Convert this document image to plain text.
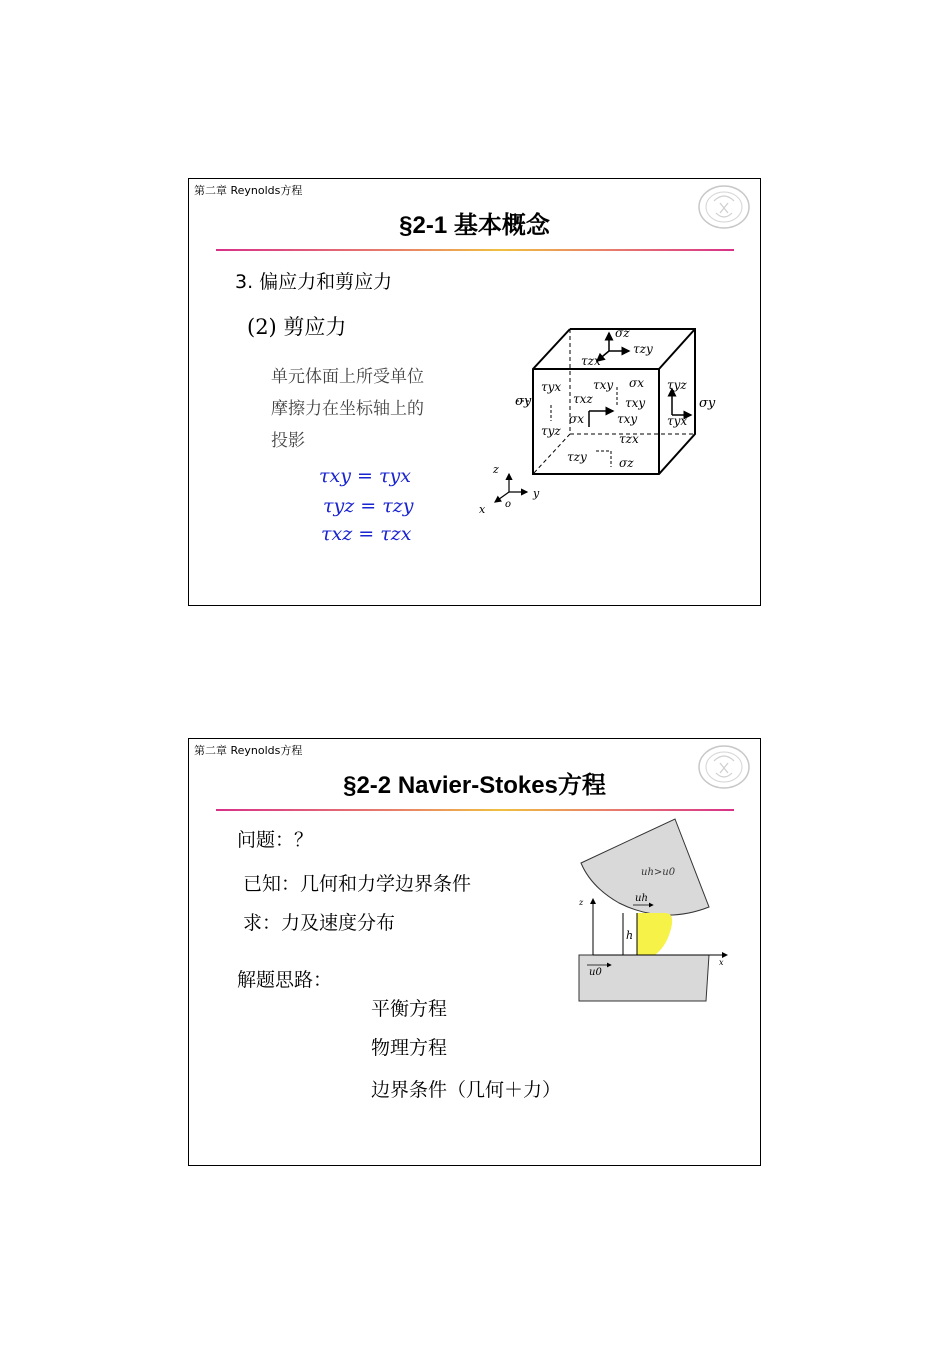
第二章 Reynolds方程
§2-1 基本概念
3. 偏应力和剪应力
(2) 剪应力
单元体面上所受单位
摩擦力在坐标轴上的
投影
τxy = τyx
τyz = τzy
τxz = τzx
σz
τzy
τzx
σy
τyx
τyz
τxz
τxy σx
τxy
σx	τxy
τyz
σy
τyx
τzx
τzy	σz
z
y
x o
第二章 Reynolds方程
§2-2 Navier-Stokes方程
问题：？
已知：几何和力学边界条件
求：力及速度分布
解题思路：
平衡方程
物理方程
边界条件（几何＋力）
h
z
x
uh>u0
uh
u0
